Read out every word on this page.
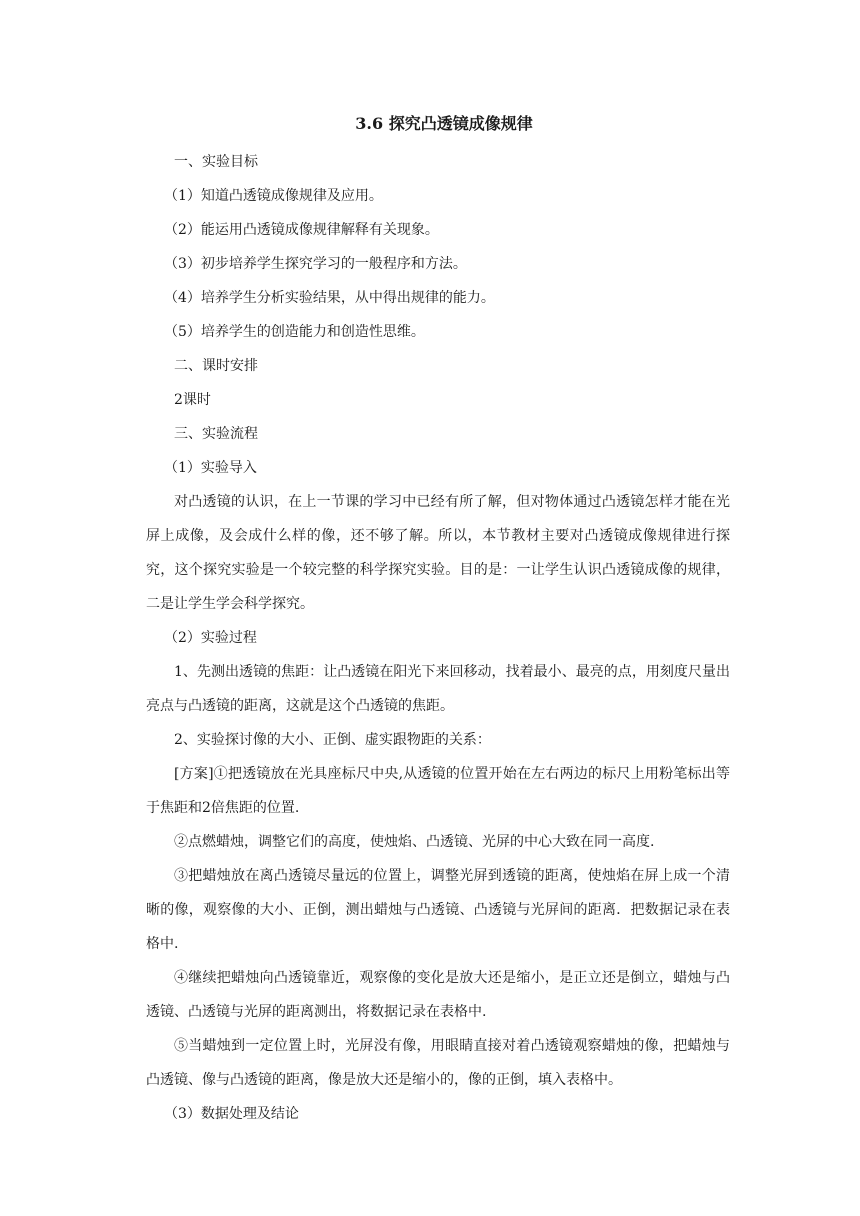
3.6 探究凸透镜成像规律

一、实验目标

（1）知道凸透镜成像规律及应用。

（2）能运用凸透镜成像规律解释有关现象。

（3）初步培养学生探究学习的一般程序和方法。

（4）培养学生分析实验结果，从中得出规律的能力。

（5）培养学生的创造能力和创造性思维。

二、课时安排

2课时

三、实验流程

（1）实验导入

对凸透镜的认识，在上一节课的学习中已经有所了解，但对物体通过凸透镜怎样才能在光屏上成像，及会成什么样的像，还不够了解。所以，本节教材主要对凸透镜成像规律进行探究，这个探究实验是一个较完整的科学探究实验。目的是：一让学生认识凸透镜成像的规律，二是让学生学会科学探究。

（2）实验过程

1、先测出透镜的焦距：让凸透镜在阳光下来回移动，找着最小、最亮的点，用刻度尺量出亮点与凸透镜的距离，这就是这个凸透镜的焦距。

2、实验探讨像的大小、正倒、虚实跟物距的关系：

[方案]①把透镜放在光具座标尺中央,从透镜的位置开始在左右两边的标尺上用粉笔标出等于焦距和2倍焦距的位置.

②点燃蜡烛，调整它们的高度，使烛焰、凸透镜、光屏的中心大致在同一高度.

③把蜡烛放在离凸透镜尽量远的位置上，调整光屏到透镜的距离，使烛焰在屏上成一个清晰的像，观察像的大小、正倒，测出蜡烛与凸透镜、凸透镜与光屏间的距离．把数据记录在表格中.

④继续把蜡烛向凸透镜靠近，观察像的变化是放大还是缩小，是正立还是倒立，蜡烛与凸透镜、凸透镜与光屏的距离测出，将数据记录在表格中.

⑤当蜡烛到一定位置上时，光屏没有像，用眼睛直接对着凸透镜观察蜡烛的像，把蜡烛与凸透镜、像与凸透镜的距离，像是放大还是缩小的，像的正倒，填入表格中。

（3）数据处理及结论
